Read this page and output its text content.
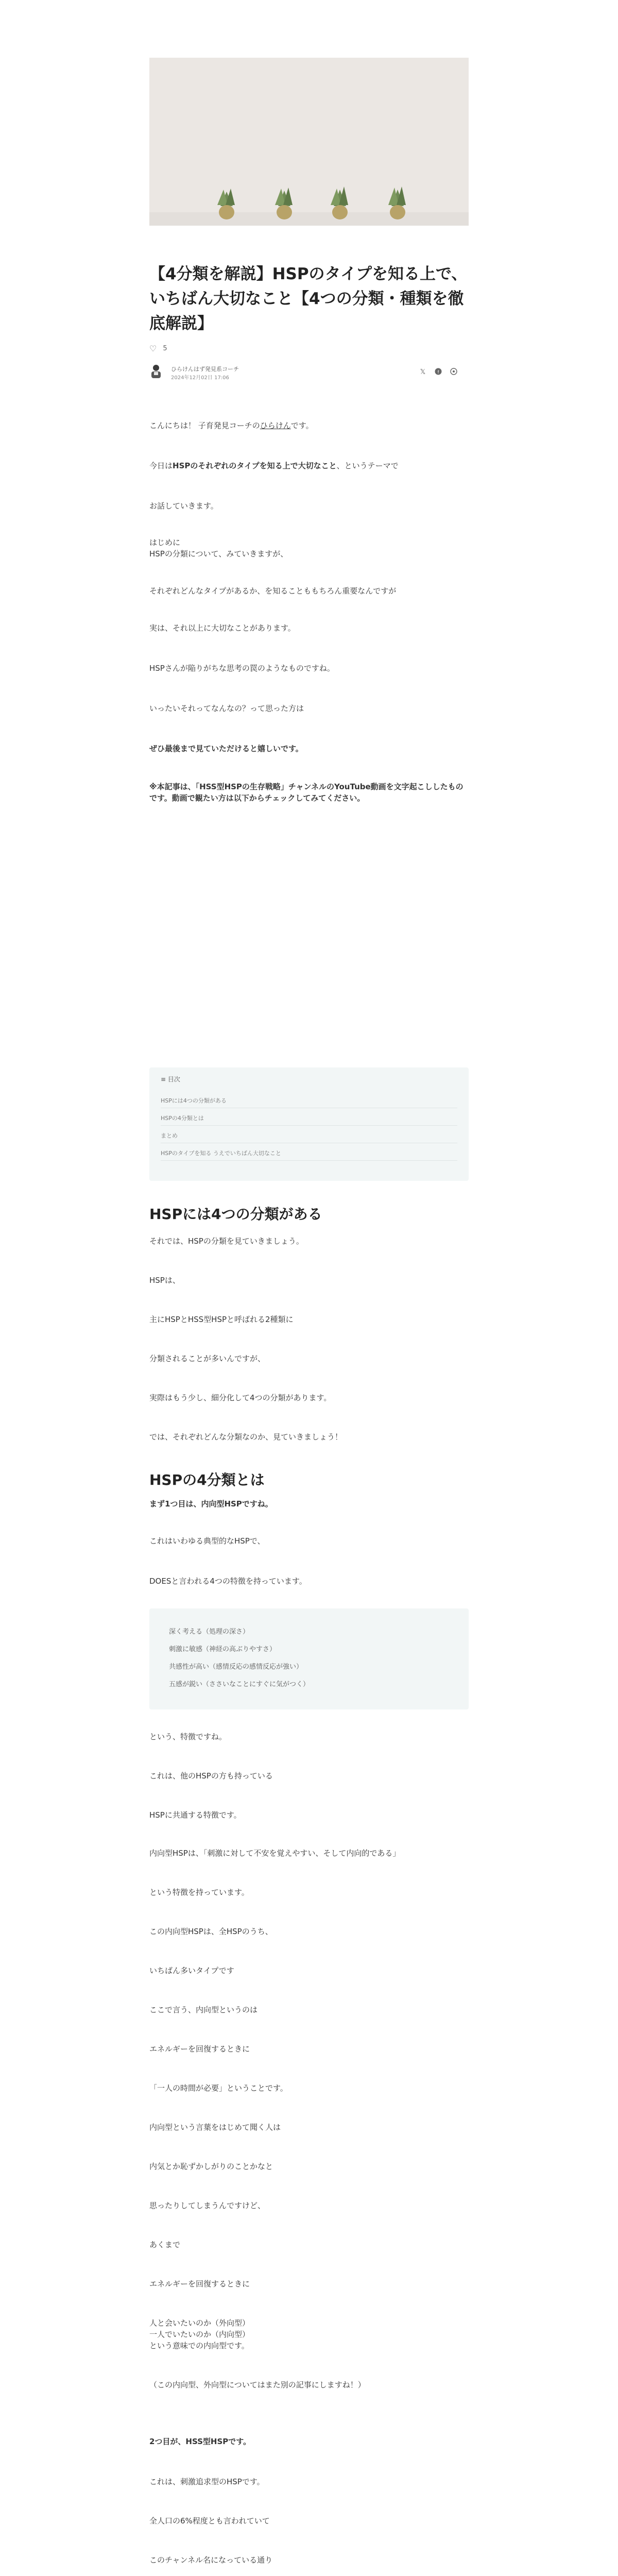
【4分類を解説】HSPのタイプを知る上で、いちばん大切なこと【4つの分類・種類を徹底解説】
♡ 5
ひらけんはず発見系コーチ
2024年12月02日 17:06
𝕏	f

こんにちは！ 子育発見コーチのひらけんです。

今日はHSPのそれぞれのタイプを知る上で大切なこと、というテーマで

お話していきます。

はじめに
HSPの分類について、みていきますが、

それぞれどんなタイプがあるか、を知ることももちろん重要なんですが

実は、それ以上に大切なことがあります。

HSPさんが陥りがちな思考の罠のようなものですね。

いったいそれってなんなの？って思った方は

ぜひ最後まで見ていただけると嬉しいです。

※本記事は、「HSS型HSPの生存戦略」チャンネルのYouTube動画を文字起こししたものです。動画で観たい方は以下からチェックしてみてください。

≡ 目次
HSPには4つの分類がある
HSPの4分類とは
まとめ
HSPのタイプを知る うえでいちばん大切なこと
HSPには4つの分類がある

それでは、HSPの分類を見ていきましょう。

HSPは、

主にHSPとHSS型HSPと呼ばれる2種類に

分類されることが多いんですが、

実際はもう少し、細分化して4つの分類があります。

では、それぞれどんな分類なのか、見ていきましょう！

HSPの4分類とは

まず1つ目は、内向型HSPですね。

これはいわゆる典型的なHSPで、

DOESと言われる4つの特徴を持っています。

深く考える（処理の深さ）
刺激に敏感（神経の高ぶりやすさ）
共感性が高い（感情反応の感情反応が強い）
五感が鋭い（ささいなことにすぐに気がつく）

という、特徴ですね。

これは、他のHSPの方も持っている

HSPに共通する特徴です。

内向型HSPは、「刺激に対して不安を覚えやすい、そして内向的である」

という特徴を持っています。

この内向型HSPは、全HSPのうち、

いちばん多いタイプです

ここで言う、内向型というのは

エネルギーを回復するときに

「一人の時間が必要」ということです。

内向型という言葉をはじめて聞く人は

内気とか恥ずかしがりのことかなと

思ったりしてしまうんですけど、

あくまで

エネルギーを回復するときに

人と会いたいのか（外向型）
一人でいたいのか（内向型）
という意味での内向型です。

（この内向型、外向型についてはまた別の記事にしますね！）

2つ目が、HSS型HSPです。

これは、刺激追求型のHSPです。

全人口の6%程度とも言われていて

このチャンネル名になっている通り
